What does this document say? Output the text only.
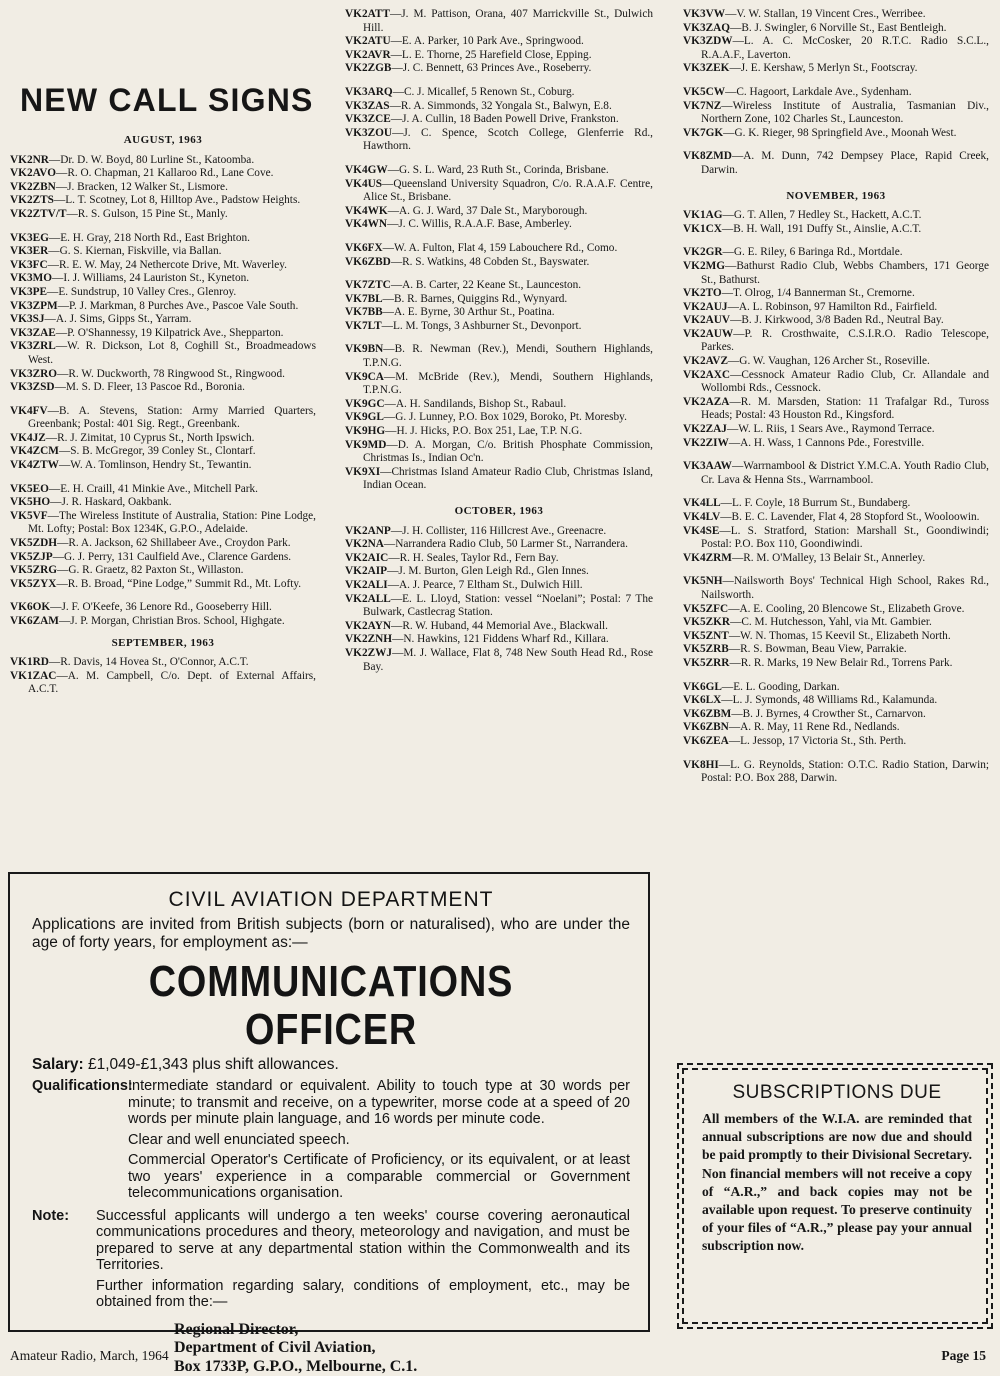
NEW CALL SIGNS
AUGUST, 1963
VK2NR—Dr. D. W. Boyd, 80 Lurline St., Katoomba.
VK2AVO—R. O. Chapman, 21 Kallaroo Rd., Lane Cove.
VK2ZBN—J. Bracken, 12 Walker St., Lismore.
VK2ZTS—L. T. Scotney, Lot 8, Hilltop Ave., Padstow Heights.
VK2ZTV/T—R. S. Gulson, 15 Pine St., Manly.
VK3EG—E. H. Gray, 218 North Rd., East Brighton.
VK3ER—G. S. Kiernan, Fiskville, via Ballan.
VK3FC—R. E. W. May, 24 Nethercote Drive, Mt. Waverley.
VK3MO—I. J. Williams, 24 Lauriston St., Kyneton.
VK3PE—E. Sundstrup, 10 Valley Cres., Glenroy.
VK3ZPM—P. J. Markman, 8 Purches Ave., Pascoe Vale South.
VK3SJ—A. J. Sims, Gipps St., Yarram.
VK3ZAE—P. O'Shannessy, 19 Kilpatrick Ave., Shepparton.
VK3ZRL—W. R. Dickson, Lot 8, Coghill St., Broadmeadows West.
VK3ZRO—R. W. Duckworth, 78 Ringwood St., Ringwood.
VK3ZSD—M. S. D. Fleer, 13 Pascoe Rd., Boronia.
VK4FV—B. A. Stevens, Station: Army Married Quarters, Greenbank; Postal: 401 Sig. Regt., Greenbank.
VK4JZ—R. J. Zimitat, 10 Cyprus St., North Ipswich.
VK4ZCM—S. B. McGregor, 39 Conley St., Clontarf.
VK4ZTW—W. A. Tomlinson, Hendry St., Tewantin.
VK5EO—E. H. Craill, 41 Minkie Ave., Mitchell Park.
VK5HO—J. R. Haskard, Oakbank.
VK5VF—The Wireless Institute of Australia, Station: Pine Lodge, Mt. Lofty; Postal: Box 1234K, G.P.O., Adelaide.
VK5ZDH—R. A. Jackson, 62 Shillabeer Ave., Croydon Park.
VK5ZJP—G. J. Perry, 131 Caulfield Ave., Clarence Gardens.
VK5ZRG—G. R. Graetz, 82 Paxton St., Willaston.
VK5ZYX—R. B. Broad, “Pine Lodge,” Summit Rd., Mt. Lofty.
VK6OK—J. F. O'Keefe, 36 Lenore Rd., Gooseberry Hill.
VK6ZAM—J. P. Morgan, Christian Bros. School, Highgate.
SEPTEMBER, 1963
VK1RD—R. Davis, 14 Hovea St., O'Connor, A.C.T.
VK1ZAC—A. M. Campbell, C/o. Dept. of External Affairs, A.C.T.
VK2ATT—J. M. Pattison, Orana, 407 Marrickville St., Dulwich Hill.
VK2ATU—E. A. Parker, 10 Park Ave., Springwood.
VK2AVR—L. E. Thorne, 25 Harefield Close, Epping.
VK2ZGB—J. C. Bennett, 63 Princes Ave., Roseberry.
VK3ARQ—C. J. Micallef, 5 Renown St., Coburg.
VK3ZAS—R. A. Simmonds, 32 Yongala St., Balwyn, E.8.
VK3ZCE—J. A. Cullin, 18 Baden Powell Drive, Frankston.
VK3ZOU—J. C. Spence, Scotch College, Glenferrie Rd., Hawthorn.
VK4GW—G. S. L. Ward, 23 Ruth St., Corinda, Brisbane.
VK4US—Queensland University Squadron, C/o. R.A.A.F. Centre, Alice St., Brisbane.
VK4WK—A. G. J. Ward, 37 Dale St., Maryborough.
VK4WN—J. C. Willis, R.A.A.F. Base, Amberley.
VK6FX—W. A. Fulton, Flat 4, 159 Labouchere Rd., Como.
VK6ZBD—R. S. Watkins, 48 Cobden St., Bayswater.
VK7ZTC—A. B. Carter, 22 Keane St., Launceston.
VK7BL—B. R. Barnes, Quiggins Rd., Wynyard.
VK7BB—A. E. Byrne, 30 Arthur St., Poatina.
VK7LT—L. M. Tongs, 3 Ashburner St., Devonport.
VK9BN—B. R. Newman (Rev.), Mendi, Southern Highlands, T.P.N.G.
VK9CA—M. McBride (Rev.), Mendi, Southern Highlands, T.P.N.G.
VK9GC—A. H. Sandilands, Bishop St., Rabaul.
VK9GL—G. J. Lunney, P.O. Box 1029, Boroko, Pt. Moresby.
VK9HG—H. J. Hicks, P.O. Box 251, Lae, T.P. N.G.
VK9MD—D. A. Morgan, C/o. British Phosphate Commission, Christmas Is., Indian Oc'n.
VK9XI—Christmas Island Amateur Radio Club, Christmas Island, Indian Ocean.
OCTOBER, 1963
VK2ANP—J. H. Collister, 116 Hillcrest Ave., Greenacre.
VK2NA—Narrandera Radio Club, 50 Larmer St., Narrandera.
VK2AIC—R. H. Seales, Taylor Rd., Fern Bay.
VK2AIP—J. M. Burton, Glen Leigh Rd., Glen Innes.
VK2ALI—A. J. Pearce, 7 Eltham St., Dulwich Hill.
VK2ALL—E. L. Lloyd, Station: vessel “Noelani”; Postal: 7 The Bulwark, Castlecrag Station.
VK2AYN—R. W. Huband, 44 Memorial Ave., Blackwall.
VK2ZNH—N. Hawkins, 121 Fiddens Wharf Rd., Killara.
VK2ZWJ—M. J. Wallace, Flat 8, 748 New South Head Rd., Rose Bay.
VK3VW—V. W. Stallan, 19 Vincent Cres., Werribee.
VK3ZAQ—B. J. Swingler, 6 Norville St., East Bentleigh.
VK3ZDW—L. A. C. McCosker, 20 R.T.C. Radio S.C.L., R.A.A.F., Laverton.
VK3ZEK—J. E. Kershaw, 5 Merlyn St., Footscray.
VK5CW—C. Hagoort, Larkdale Ave., Sydenham.
VK7NZ—Wireless Institute of Australia, Tasmanian Div., Northern Zone, 102 Charles St., Launceston.
VK7GK—G. K. Rieger, 98 Springfield Ave., Moonah West.
VK8ZMD—A. M. Dunn, 742 Dempsey Place, Rapid Creek, Darwin.
NOVEMBER, 1963
VK1AG—G. T. Allen, 7 Hedley St., Hackett, A.C.T.
VK1CX—B. H. Wall, 191 Duffy St., Ainslie, A.C.T.
VK2GR—G. E. Riley, 6 Baringa Rd., Mortdale.
VK2MG—Bathurst Radio Club, Webbs Chambers, 171 George St., Bathurst.
VK2TO—T. Olrog, 1/4 Bannerman St., Cremorne.
VK2AUJ—A. L. Robinson, 97 Hamilton Rd., Fairfield.
VK2AUV—B. J. Kirkwood, 3/8 Baden Rd., Neutral Bay.
VK2AUW—P. R. Crosthwaite, C.S.I.R.O. Radio Telescope, Parkes.
VK2AVZ—G. W. Vaughan, 126 Archer St., Roseville.
VK2AXC—Cessnock Amateur Radio Club, Cr. Allandale and Wollombi Rds., Cessnock.
VK2AZA—R. M. Marsden, Station: 11 Trafalgar Rd., Tuross Heads; Postal: 43 Houston Rd., Kingsford.
VK2ZAJ—W. L. Riis, 1 Sears Ave., Raymond Terrace.
VK2ZIW—A. H. Wass, 1 Cannons Pde., Forestville.
VK3AAW—Warrnambool & District Y.M.C.A. Youth Radio Club, Cr. Lava & Henna Sts., Warrnambool.
VK4LL—L. F. Coyle, 18 Burrum St., Bundaberg.
VK4LV—B. E. C. Lavender, Flat 4, 28 Stopford St., Wooloowin.
VK4SE—L. S. Stratford, Station: Marshall St., Goondiwindi; Postal: P.O. Box 110, Goondiwindi.
VK4ZRM—R. M. O'Malley, 13 Belair St., Annerley.
VK5NH—Nailsworth Boys' Technical High School, Rakes Rd., Nailsworth.
VK5ZFC—A. E. Cooling, 20 Blencowe St., Elizabeth Grove.
VK5ZKR—C. M. Hutchesson, Yahl, via Mt. Gambier.
VK5ZNT—W. N. Thomas, 15 Keevil St., Elizabeth North.
VK5ZRB—R. S. Bowman, Beau View, Parrakie.
VK5ZRR—R. R. Marks, 19 New Belair Rd., Torrens Park.
VK6GL—E. L. Gooding, Darkan.
VK6LX—L. J. Symonds, 48 Williams Rd., Kalamunda.
VK6ZBM—B. J. Byrnes, 4 Crowther St., Carnarvon.
VK6ZBN—A. R. May, 11 Rene Rd., Nedlands.
VK6ZEA—L. Jessop, 17 Victoria St., Sth. Perth.
VK8HI—L. G. Reynolds, Station: O.T.C. Radio Station, Darwin; Postal: P.O. Box 288, Darwin.
CIVIL AVIATION DEPARTMENT
Applications are invited from British subjects (born or naturalised), who are under the age of forty years, for employment as:—
COMMUNICATIONS OFFICER
Salary: £1,049-£1,343 plus shift allowances.
Qualifications:

Intermediate standard or equivalent. Ability to touch type at 30 words per minute; to transmit and receive, on a typewriter, morse code at a speed of 20 words per minute plain language, and 16 words per minute code.

Clear and well enunciated speech.

Commercial Operator's Certificate of Proficiency, or its equivalent, or at least two years' experience in a comparable commercial or Government telecommunications organisation.

Note:	Successful applicants will undergo a ten weeks' course covering aeronautical communications procedures and theory, meteorology and navigation, and must be prepared to serve at any departmental station within the Commonwealth and its Territories.

Further information regarding salary, conditions of employment, etc., may be obtained from the:—

Regional Director,
Department of Civil Aviation,
Box 1733P, G.P.O., Melbourne, C.1.
SUBSCRIPTIONS DUE

All members of the W.I.A. are reminded that annual subscriptions are now due and should be paid promptly to their Divisional Secretary. Non financial members will not receive a copy of “A.R.,” and back copies may not be available upon request. To preserve continuity of your files of “A.R.,” please pay your annual subscription now.

Amateur Radio, March, 1964	Page 15
